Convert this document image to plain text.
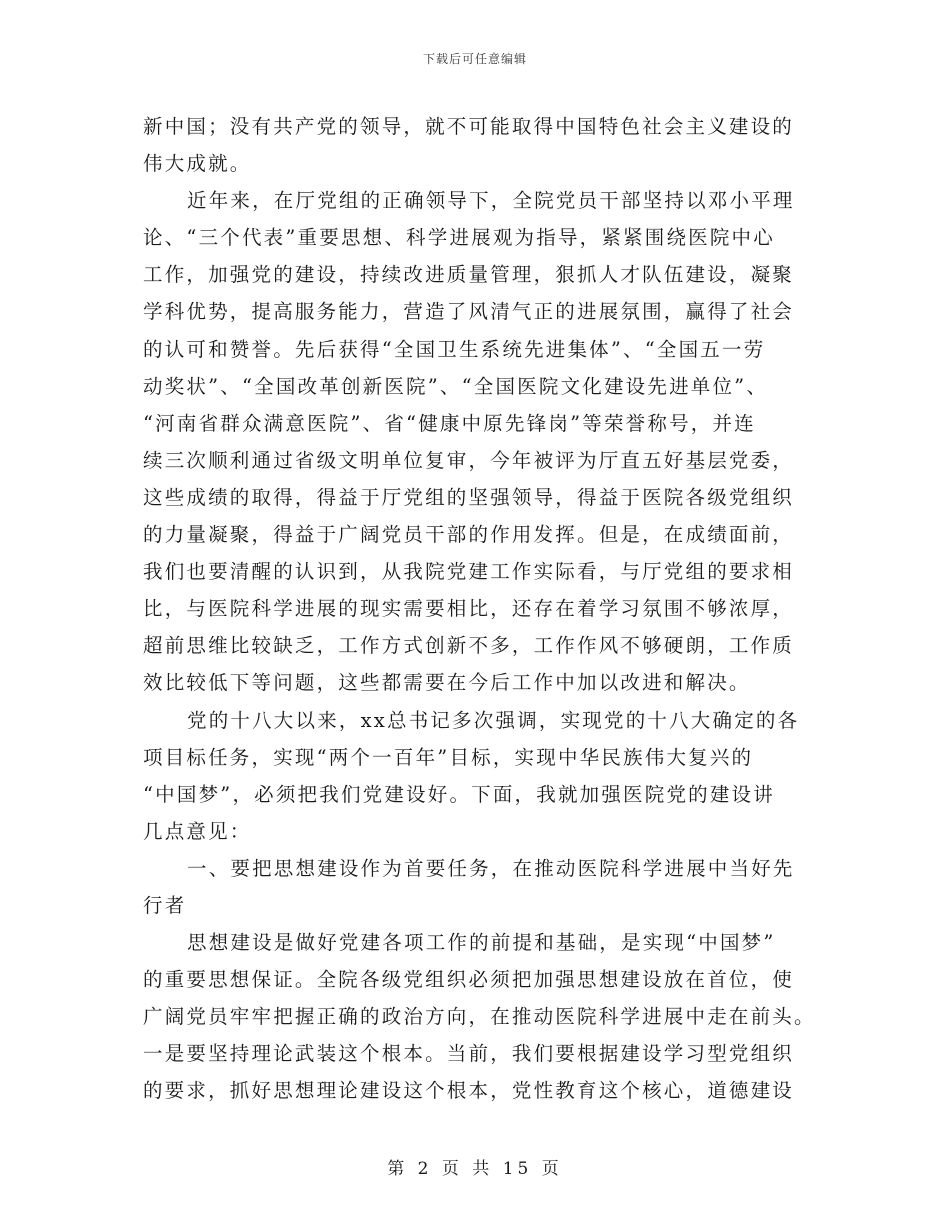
下载后可任意编辑
新中国；没有共产党的领导，就不可能取得中国特色社会主义建设的
伟大成就。
近年来，在厅党组的正确领导下，全院党员干部坚持以邓小平理
论、“三个代表”重要思想、科学进展观为指导，紧紧围绕医院中心
工作，加强党的建设，持续改进质量管理，狠抓人才队伍建设，凝聚
学科优势，提高服务能力，营造了风清气正的进展氛围，赢得了社会
的认可和赞誉。先后获得“全国卫生系统先进集体”、“全国五一劳
动奖状”、“全国改革创新医院”、“全国医院文化建设先进单位”、
“河南省群众满意医院”、省“健康中原先锋岗”等荣誉称号，并连
续三次顺利通过省级文明单位复审，今年被评为厅直五好基层党委，
这些成绩的取得，得益于厅党组的坚强领导，得益于医院各级党组织
的力量凝聚，得益于广阔党员干部的作用发挥。但是，在成绩面前，
我们也要清醒的认识到，从我院党建工作实际看，与厅党组的要求相
比，与医院科学进展的现实需要相比，还存在着学习氛围不够浓厚，
超前思维比较缺乏，工作方式创新不多，工作作风不够硬朗，工作质
效比较低下等问题，这些都需要在今后工作中加以改进和解决。
党的十八大以来，xx总书记多次强调，实现党的十八大确定的各
项目标任务，实现“两个一百年”目标，实现中华民族伟大复兴的
“中国梦”，必须把我们党建设好。下面，我就加强医院党的建设讲
几点意见：
一、要把思想建设作为首要任务，在推动医院科学进展中当好先
行者
思想建设是做好党建各项工作的前提和基础，是实现“中国梦”
的重要思想保证。全院各级党组织必须把加强思想建设放在首位，使
广阔党员牢牢把握正确的政治方向，在推动医院科学进展中走在前头。
一是要坚持理论武装这个根本。当前，我们要根据建设学习型党组织
的要求，抓好思想理论建设这个根本，党性教育这个核心，道德建设
第 2 页 共 15 页
